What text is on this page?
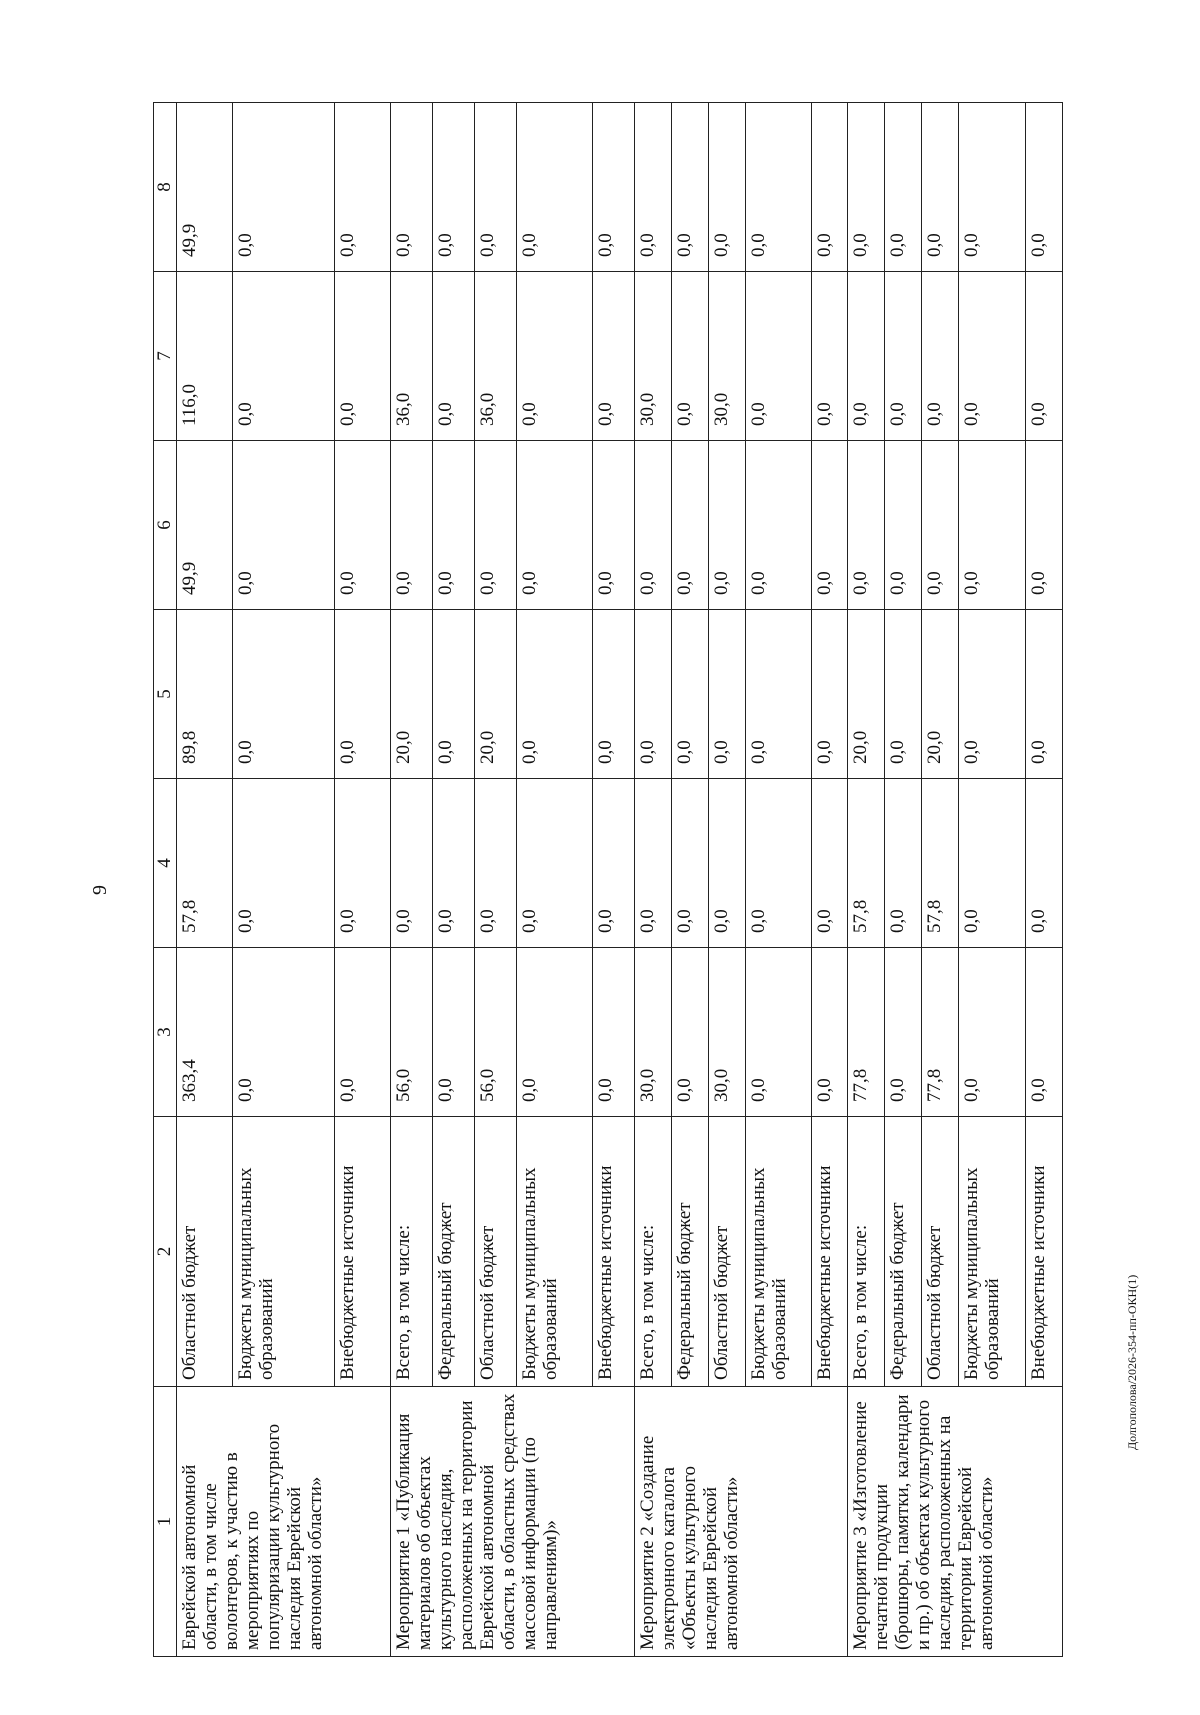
9
1	2	3	4	5	6	7	8
Еврейской автономной области, в том числе волонтеров, к участию в мероприятиях по популяризации культурного наследия Еврейской автономной области»	Областной бюджет	363,4	57,8	89,8	49,9	116,0	49,9
	Бюджеты муниципальных образований	0,0	0,0	0,0	0,0	0,0	0,0
	Внебюджетные источники	0,0	0,0	0,0	0,0	0,0	0,0
Мероприятие 1 «Публикация материалов об объектах культурного наследия, расположенных на территории Еврейской автономной области, в областных средствах массовой информации (по направлениям)»	Всего, в том числе:	56,0	0,0	20,0	0,0	36,0	0,0
	Федеральный бюджет	0,0	0,0	0,0	0,0	0,0	0,0
	Областной бюджет	56,0	0,0	20,0	0,0	36,0	0,0
	Бюджеты муниципальных образований	0,0	0,0	0,0	0,0	0,0	0,0
	Внебюджетные источники	0,0	0,0	0,0	0,0	0,0	0,0
Мероприятие 2 «Создание электронного каталога «Объекты культурного наследия Еврейской автономной области»	Всего, в том числе:	30,0	0,0	0,0	0,0	30,0	0,0
	Федеральный бюджет	0,0	0,0	0,0	0,0	0,0	0,0
	Областной бюджет	30,0	0,0	0,0	0,0	30,0	0,0
	Бюджеты муниципальных образований	0,0	0,0	0,0	0,0	0,0	0,0
	Внебюджетные источники	0,0	0,0	0,0	0,0	0,0	0,0
Мероприятие 3 «Изготовление печатной продукции (брошюры, памятки, календари и пр.) об объектах культурного наследия, расположенных на территории Еврейской автономной области»	Всего, в том числе:	77,8	57,8	20,0	0,0	0,0	0,0
	Федеральный бюджет	0,0	0,0	0,0	0,0	0,0	0,0
	Областной бюджет	77,8	57,8	20,0	0,0	0,0	0,0
	Бюджеты муниципальных образований	0,0	0,0	0,0	0,0	0,0	0,0
	Внебюджетные источники	0,0	0,0	0,0	0,0	0,0	0,0
Долгополова/2026-354-пп-ОКН(1)
